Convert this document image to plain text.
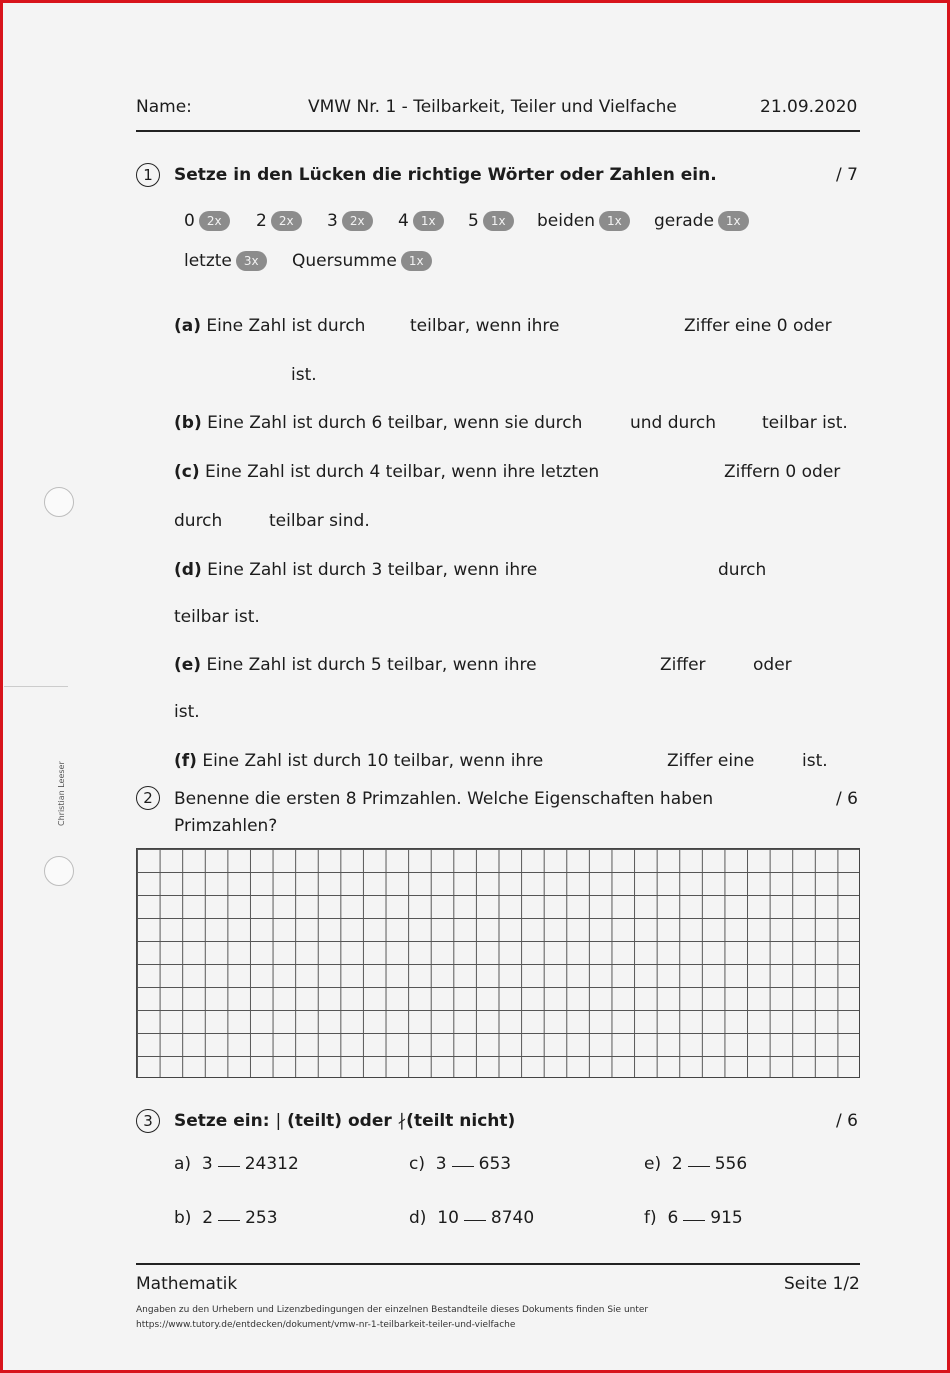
Christian Leeser
Name:	VMW Nr. 1 - Teilbarkeit, Teiler und Vielfache	21.09.2020
1	Setze in den Lücken die richtige Wörter oder Zahlen ein.	/ 7
0	2x	2	2x	3	2x	4	1x	5	1x	beiden	1x	gerade	1x
letzte	3x	Quersumme	1x
(a) Eine Zahl ist durch	teilbar, wenn ihre	Ziffer eine 0 oder
ist.
(b) Eine Zahl ist durch 6 teilbar, wenn sie durch	und durch	teilbar ist.
(c) Eine Zahl ist durch 4 teilbar, wenn ihre letzten	Ziffern 0 oder
durch	teilbar sind.
(d) Eine Zahl ist durch 3 teilbar, wenn ihre	durch
teilbar ist.
(e) Eine Zahl ist durch 5 teilbar, wenn ihre	Ziffer	oder
ist.
(f) Eine Zahl ist durch 10 teilbar, wenn ihre	Ziffer eine	ist.
2	Benenne die ersten 8 Primzahlen. Welche Eigenschaften haben
Primzahlen?
/ 6
3	Setze ein: | (teilt) oder ∤(teilt nicht)	/ 6
a) 3 24312
b) 2 253
c) 3 653
d) 10 8740
e) 2 556
f) 6 915
Mathematik	Seite 1/2
Angaben zu den Urhebern und Lizenzbedingungen der einzelnen Bestandteile dieses Dokuments finden Sie unter
https://www.tutory.de/entdecken/dokument/vmw-nr-1-teilbarkeit-teiler-und-vielfache
